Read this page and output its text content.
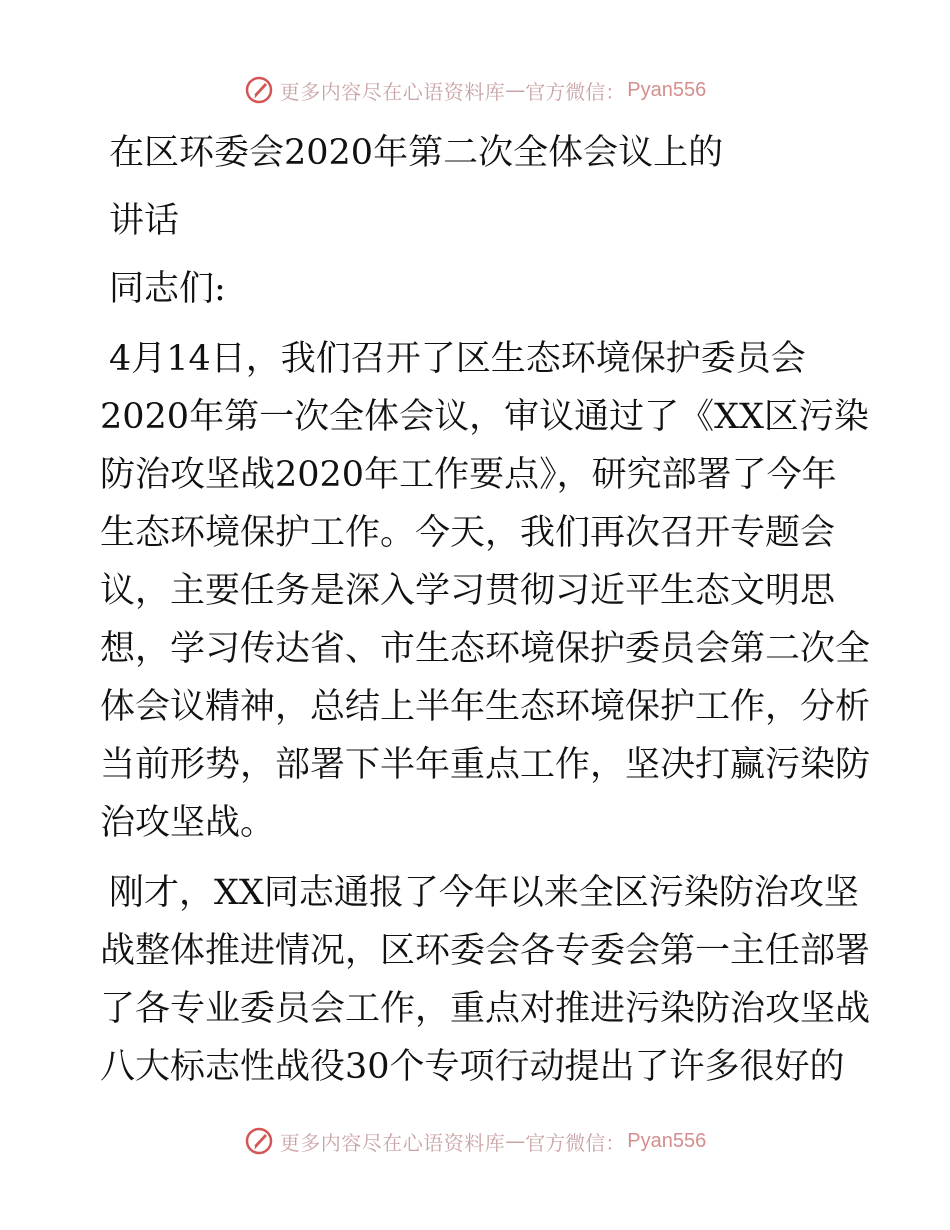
更多内容尽在心语资料库 — 官方微信： Pyan556

在区环委会2020年第二次全体会议上的

讲话

同志们:

4月14日，我们召开了区生态环境保护委员会

2020年第一次全体会议，审议通过了《XX区污染

防治攻坚战2020年工作要点》，研究部署了今年

生态环境保护工作。今天，我们再次召开专题会

议，主要任务是深入学习贯彻习近平生态文明思

想，学习传达省、市生态环境保护委员会第二次全

体会议精神，总结上半年生态环境保护工作，分析

当前形势，部署下半年重点工作，坚决打赢污染防

治攻坚战。

刚才，XX同志通报了今年以来全区污染防治攻坚

战整体推进情况，区环委会各专委会第一主任部署

了各专业委员会工作，重点对推进污染防治攻坚战

八大标志性战役30个专项行动提出了许多很好的

更多内容尽在心语资料库 — 官方微信： Pyan556
